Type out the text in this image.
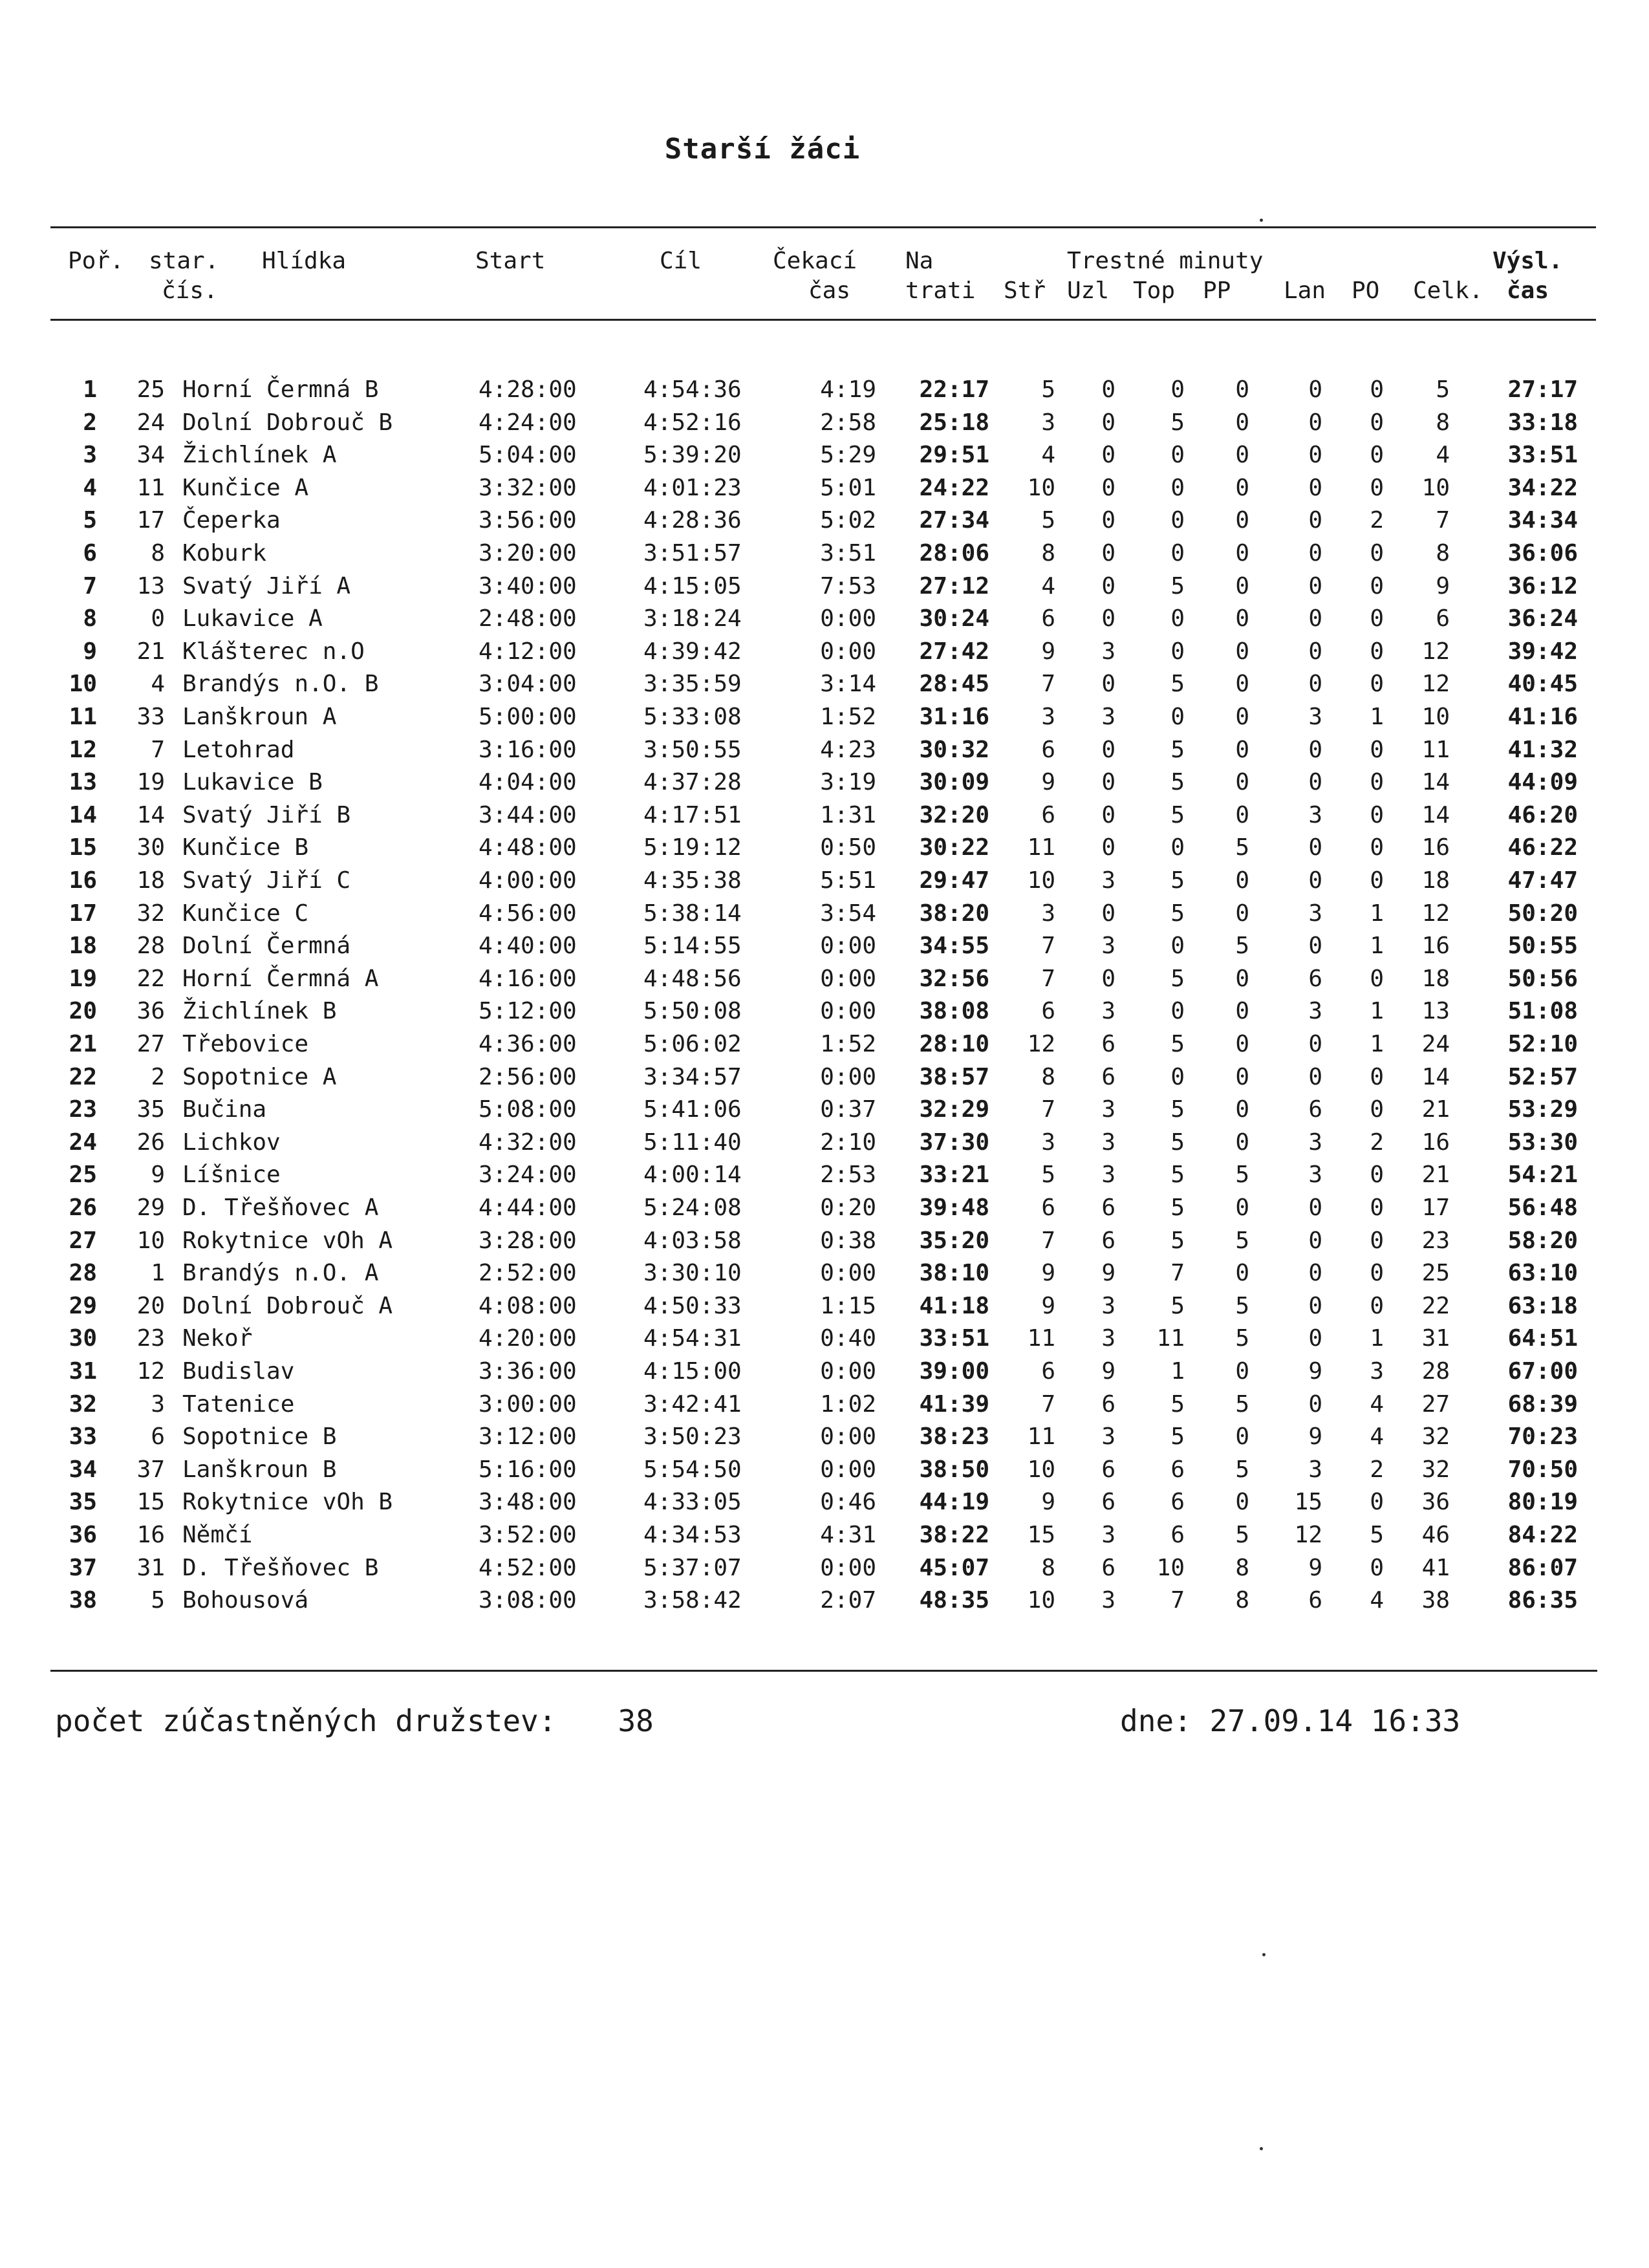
Starší žáci
Poř. star. Hlídka	Start	Cíl	Čekací Na	Trestné minuty	Výsl.
čís.	čas trati Stř Uzl Top PP Lan PO Celk. čas
1 25 Horní Čermná B	4:28:00	4:54:36	4:19 22:17 5 0 0 0	0 0 5 27:17
2 24 Dolní Dobrouč B	4:24:00	4:52:16	2:58 25:18 3 0 5 0	0 0 8 33:18
3 34 Žichlínek A	5:04:00	5:39:20	5:29 29:51 4 0 0 0	0 0 4 33:51
4 11 Kunčice A	3:32:00	4:01:23	5:01 24:22 10 0 0 0	0 0 10 34:22
5 17 Čeperka	3:56:00	4:28:36	5:02 27:34 5 0 0 0	0 2 7 34:34
6 8 Koburk	3:20:00	3:51:57	3:51 28:06 8 0 0 0	0 0 8 36:06
7 13 Svatý Jiří A	3:40:00	4:15:05	7:53 27:12 4 0 5 0	0 0 9 36:12
8 0 Lukavice A	2:48:00	3:18:24	0:00 30:24 6 0 0 0	0 0 6 36:24
9 21 Klášterec n.O	4:12:00	4:39:42	0:00 27:42 9 3 0 0	0 0 12 39:42
10 4 Brandýs n.O. B	3:04:00	3:35:59	3:14 28:45 7 0 5 0	0 0 12 40:45
11 33 Lanškroun A	5:00:00	5:33:08	1:52 31:16 3 3 0 0	3 1 10 41:16
12 7 Letohrad	3:16:00	3:50:55	4:23 30:32 6 0 5 0	0 0 11 41:32
13 19 Lukavice B	4:04:00	4:37:28	3:19 30:09 9 0 5 0	0 0 14 44:09
14 14 Svatý Jiří B	3:44:00	4:17:51	1:31 32:20 6 0 5 0	3 0 14 46:20
15 30 Kunčice B	4:48:00	5:19:12	0:50 30:22 11 0 0 5	0 0 16 46:22
16 18 Svatý Jiří C	4:00:00	4:35:38	5:51 29:47 10 3 5 0	0 0 18 47:47
17 32 Kunčice C	4:56:00	5:38:14	3:54 38:20 3 0 5 0	3 1 12 50:20
18 28 Dolní Čermná	4:40:00	5:14:55	0:00 34:55 7 3 0 5	0 1 16 50:55
19 22 Horní Čermná A	4:16:00	4:48:56	0:00 32:56 7 0 5 0	6 0 18 50:56
20 36 Žichlínek B	5:12:00	5:50:08	0:00 38:08 6 3 0 0	3 1 13 51:08
21 27 Třebovice	4:36:00	5:06:02	1:52 28:10 12 6 5 0	0 1 24 52:10
22 2 Sopotnice A	2:56:00	3:34:57	0:00 38:57 8 6 0 0	0 0 14 52:57
23 35 Bučina	5:08:00	5:41:06	0:37 32:29 7 3 5 0	6 0 21 53:29
24 26 Lichkov	4:32:00	5:11:40	2:10 37:30 3 3 5 0	3 2 16 53:30
25 9 Líšnice	3:24:00	4:00:14	2:53 33:21 5 3 5 5	3 0 21 54:21
26 29 D. Třešňovec A	4:44:00	5:24:08	0:20 39:48 6 6 5 0	0 0 17 56:48
27 10 Rokytnice vOh A	3:28:00	4:03:58	0:38 35:20 7 6 5 5	0 0 23 58:20
28 1 Brandýs n.O. A	2:52:00	3:30:10	0:00 38:10 9 9 7 0	0 0 25 63:10
29 20 Dolní Dobrouč A	4:08:00	4:50:33	1:15 41:18 9 3 5 5	0 0 22 63:18
30 23 Nekoř	4:20:00	4:54:31	0:40 33:51 11 3 11 5	0 1 31 64:51
31 12 Budislav	3:36:00	4:15:00	0:00 39:00 6 9 1 0	9 3 28 67:00
32 3 Tatenice	3:00:00	3:42:41	1:02 41:39 7 6 5 5	0 4 27 68:39
33 6 Sopotnice B	3:12:00	3:50:23	0:00 38:23 11 3 5 0	9 4 32 70:23
34 37 Lanškroun B	5:16:00	5:54:50	0:00 38:50 10 6 6 5	3 2 32 70:50
35 15 Rokytnice vOh B	3:48:00	4:33:05	0:46 44:19 9 6 6 0 15 0 36 80:19
36 16 Němčí	3:52:00	4:34:53	4:31 38:22 15 3 6 5 12 5 46 84:22
37 31 D. Třešňovec B	4:52:00	5:37:07	0:00 45:07 8 6 10 8	9 0 41 86:07
38 5 Bohousová	3:08:00	3:58:42	2:07 48:35 10 3 7 8	6 4 38 86:35
počet zúčastněných družstev: 38	dne: 27.09.14 16:33
